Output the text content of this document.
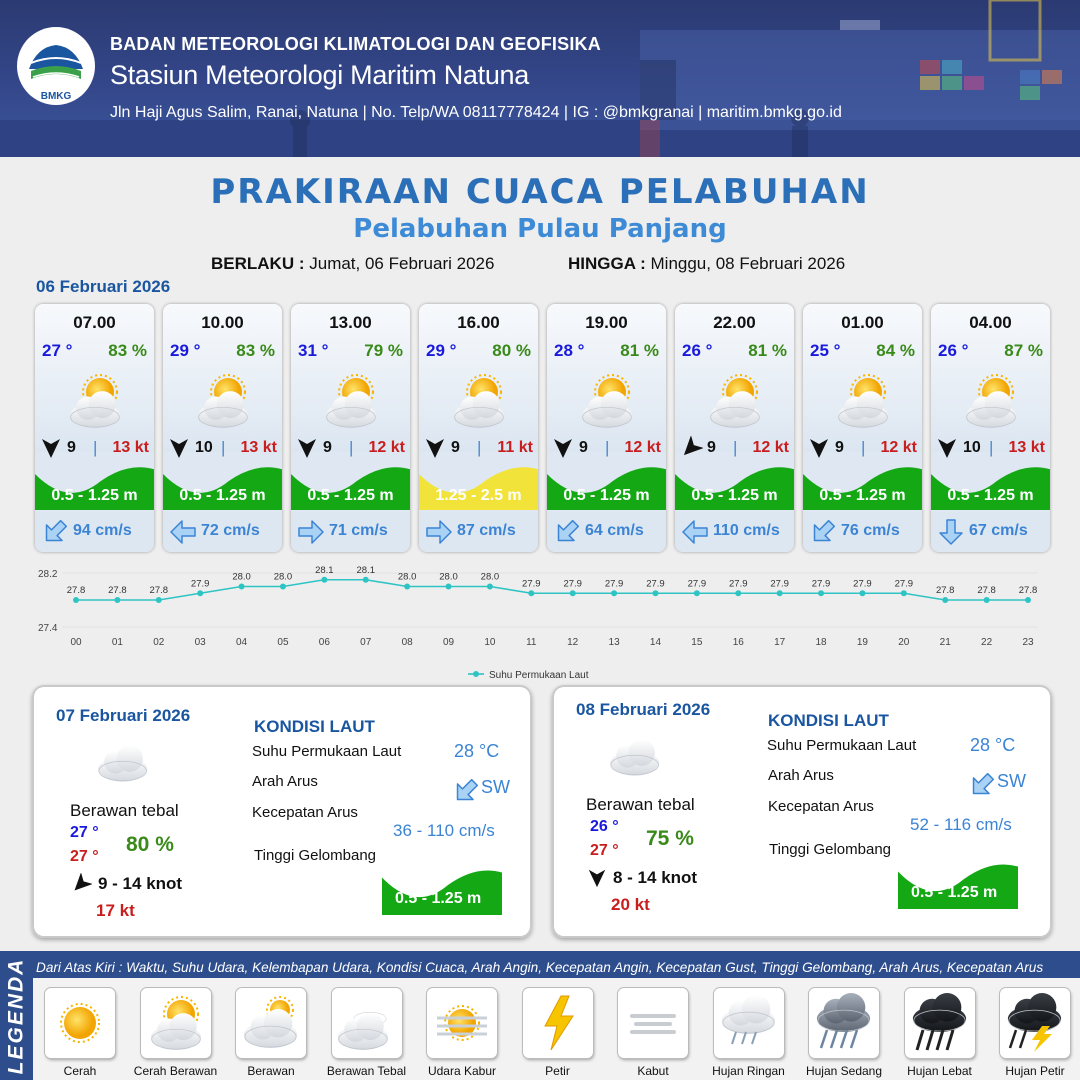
BMKG
BADAN METEOROLOGI KLIMATOLOGI DAN GEOFISIKA
Stasiun Meteorologi Maritim Natuna
Jln Haji Agus Salim, Ranai, Natuna | No. Telp/WA 08117778424 | IG : @bmkgranai | maritim.bmkg.go.id
PRAKIRAAN CUACA PELABUHAN
Pelabuhan Pulau Panjang
BERLAKU : Jumat, 06 Februari 2026	HINGGA : Minggu, 08 Februari 2026
06 Februari 2026
07.00
27 ° 83 %
9 | 13 kt
0.5 - 1.25 m
94 cm/s
10.00
29 ° 83 %
10 | 13 kt
0.5 - 1.25 m
72 cm/s
13.00
31 ° 79 %
9 | 12 kt
0.5 - 1.25 m
71 cm/s
16.00
29 ° 80 %
9 | 11 kt
1.25 - 2.5 m
87 cm/s
19.00
28 ° 81 %
9 | 12 kt
0.5 - 1.25 m
64 cm/s
22.00
26 ° 81 %
9 | 12 kt
0.5 - 1.25 m
110 cm/s
01.00
25 ° 84 %
9 | 12 kt
0.5 - 1.25 m
76 cm/s
04.00
26 ° 87 %
10 | 13 kt
0.5 - 1.25 m
67 cm/s
28.2
27.4
27.8
00
27.8
01
27.8
02
27.9
03
28.0
04
28.0
05
28.1
06
28.1
07
28.0
08
28.0
09
28.0
10
27.9
11
27.9
12
27.9
13
27.9
14
27.9
15
27.9
16
27.9
17
27.9
18
27.9
19
27.9
20
27.8
21
27.8
22
27.8
23
Suhu Permukaan Laut
07 Februari 2026
Berawan tebal
27 °
27 °
80 %
9 - 14 knot
17 kt
KONDISI LAUT
Suhu Permukaan Laut	28 °C
Arah Arus	SW
Kecepatan Arus
36 - 110 cm/s
Tinggi Gelombang
0.5 - 1.25 m
08 Februari 2026
Berawan tebal
26 °
27 °
75 %
8 - 14 knot
20 kt
KONDISI LAUT
Suhu Permukaan Laut	28 °C
Arah Arus	SW
Kecepatan Arus
52 - 116 cm/s
Tinggi Gelombang
0.5 - 1.25 m
LEGENDA Dari Atas Kiri : Waktu, Suhu Udara, Kelembapan Udara, Kondisi Cuaca, Arah Angin, Kecepatan Angin, Kecepatan Gust, Tinggi Gelombang, Arah Arus, Kecepatan Arus
Cerah	Cerah Berawan	Berawan	Berawan Tebal	Udara Kabur	Petir	Kabut	Hujan Ringan	Hujan Sedang	Hujan Lebat	Hujan Petir
